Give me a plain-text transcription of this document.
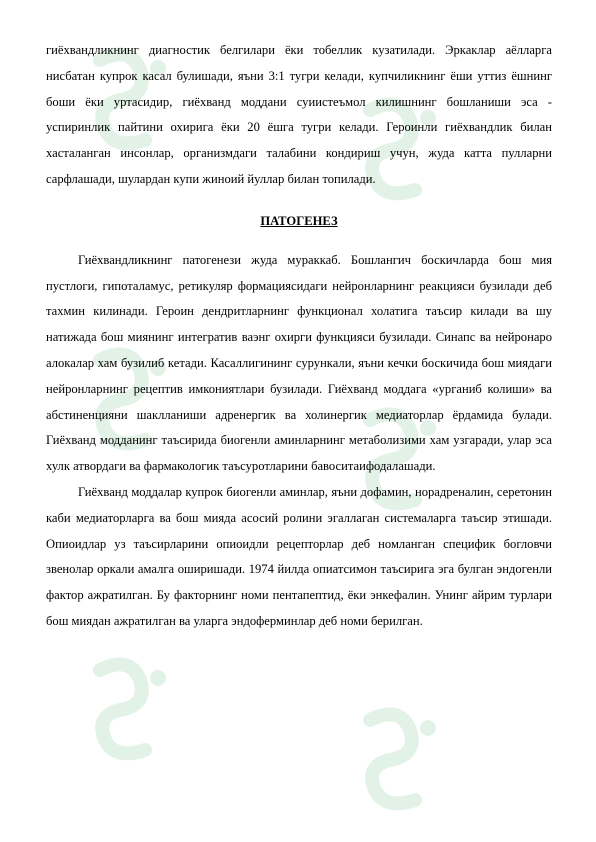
гиёхвандликнинг диагностик белгилари ёки тобеллик кузатилади. Эркаклар аёлларга нисбатан купрок касал булишади, яъни 3:1 тугри келади, купчиликнинг ёши уттиз ёшнинг боши ёки уртасидир, гиёхванд моддани суиистеъмол килишнинг бошланиши эса - успиринлик пайтини охирига ёки 20 ёшга тугри келади. Героинли гиёхвандлик билан хасталанган инсонлар, организмдаги талабини кондириш учун, жуда катта пулларни сарфлашади, шулардан купи жиноий йуллар билан топилади.

ПАТОГЕНЕЗ

Гиёхвандликнинг патогенези жуда мураккаб. Бошлангич боскичларда бош мия пустлоги, гипоталамус, ретикуляр формациясидаги нейронларнинг реакцияси бузилади деб тахмин килинади. Героин дендритларнинг функционал холатига таъсир килади ва шу натижада бош миянинг интегратив ваэнг охирги функцияси бузилади. Синапс ва нейронаро алокалар хам бузилиб кетади. Касаллигининг сурункали, яъни кечки боскичида бош миядаги нейронларнинг рецептив имкониятлари бузилади. Гиёхванд моддага «урганиб колиши» ва абстиненцияни шаклланиши адренергик ва холинергик медиаторлар ёрдамида булади. Гиёхванд модданинг таъсирида биогенли аминларнинг метаболизими хам узгаради, улар эса хулк атвордаги ва фармакологик таъсуротларини бавоситаифодалашади.

Гиёхванд моддалар купрок биогенли аминлар, яъни дофамин, норадреналин, серетонин каби медиаторларга ва бош мияда асосий ролини эгаллаган системаларга таъсир этишади. Опиоидлар уз таъсирларини опиоидли рецепторлар деб номланган специфик богловчи звенолар оркали амалга оширишади. 1974 йилда опиатсимон таъсирига эга булган эндогенли фактор ажратилган. Бу факторнинг номи пентапептид, ёки энкефалин. Унинг айрим турлари бош миядан ажратилган ва уларга эндоферминлар деб номи берилган.
